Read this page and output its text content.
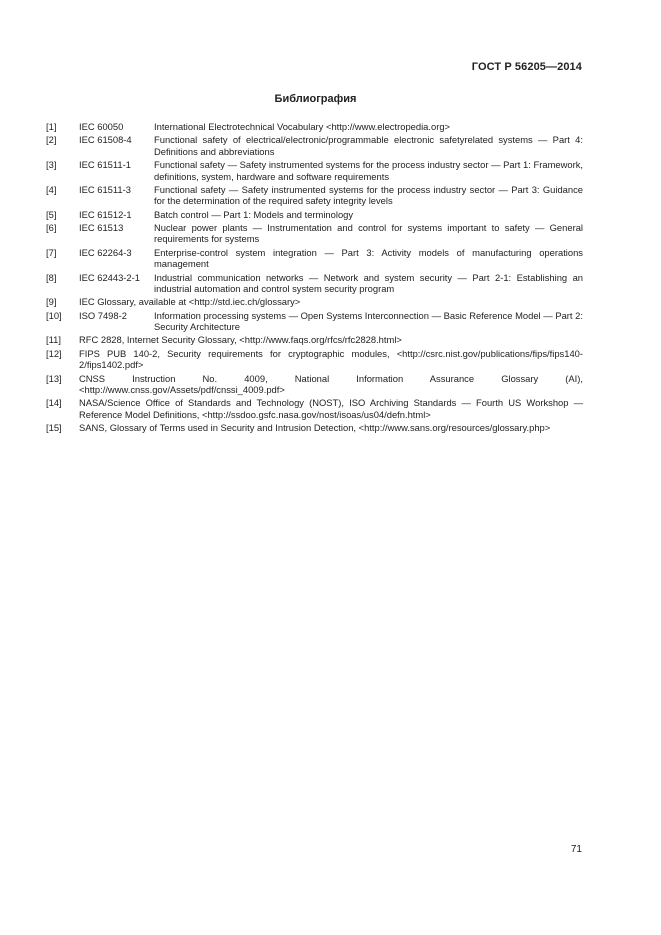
ГОСТ Р 56205—2014
Библиография
[1]	IEC 60050	International Electrotechnical Vocabulary <http://www.electropedia.org>
[2]	IEC 61508-4	Functional safety of electrical/electronic/programmable electronic safetyrelated systems — Part 4: Definitions and abbreviations
[3]	IEC 61511-1	Functional safety — Safety instrumented systems for the process industry sector — Part 1: Framework, definitions, system, hardware and software requirements
[4]	IEC 61511-3	Functional safety — Safety instrumented systems for the process industry sector — Part 3: Guidance for the determination of the required safety integrity levels
[5]	IEC 61512-1	Batch control — Part 1: Models and terminology
[6]	IEC 61513	Nuclear power plants — Instrumentation and control for systems important to safety — General requirements for systems
[7]	IEC 62264-3	Enterprise-control system integration — Part 3: Activity models of manufacturing operations management
[8]	IEC 62443-2-1	Industrial communication networks — Network and system security — Part 2-1: Establishing an industrial automation and control system security program
[9]	IEC Glossary, available at <http://std.iec.ch/glossary>
[10]	ISO 7498-2	Information processing systems — Open Systems Interconnection — Basic Reference Model — Part 2: Security Architecture
[11]	RFC 2828, Internet Security Glossary, <http://www.faqs.org/rfcs/rfc2828.html>
[12]	FIPS PUB 140-2, Security requirements for cryptographic modules, <http://csrc.nist.gov/publications/fips/fips140-2/fips1402.pdf>
[13]	CNSS Instruction No. 4009, National Information Assurance Glossary (AI), <http://www.cnss.gov/Assets/pdf/cnssi_4009.pdf>
[14]	NASA/Science Office of Standards and Technology (NOST), ISO Archiving Standards — Fourth US Workshop — Reference Model Definitions, <http://ssdoo.gsfc.nasa.gov/nost/isoas/us04/defn.html>
[15]	SANS, Glossary of Terms used in Security and Intrusion Detection, <http://www.sans.org/resources/glossary.php>
71
